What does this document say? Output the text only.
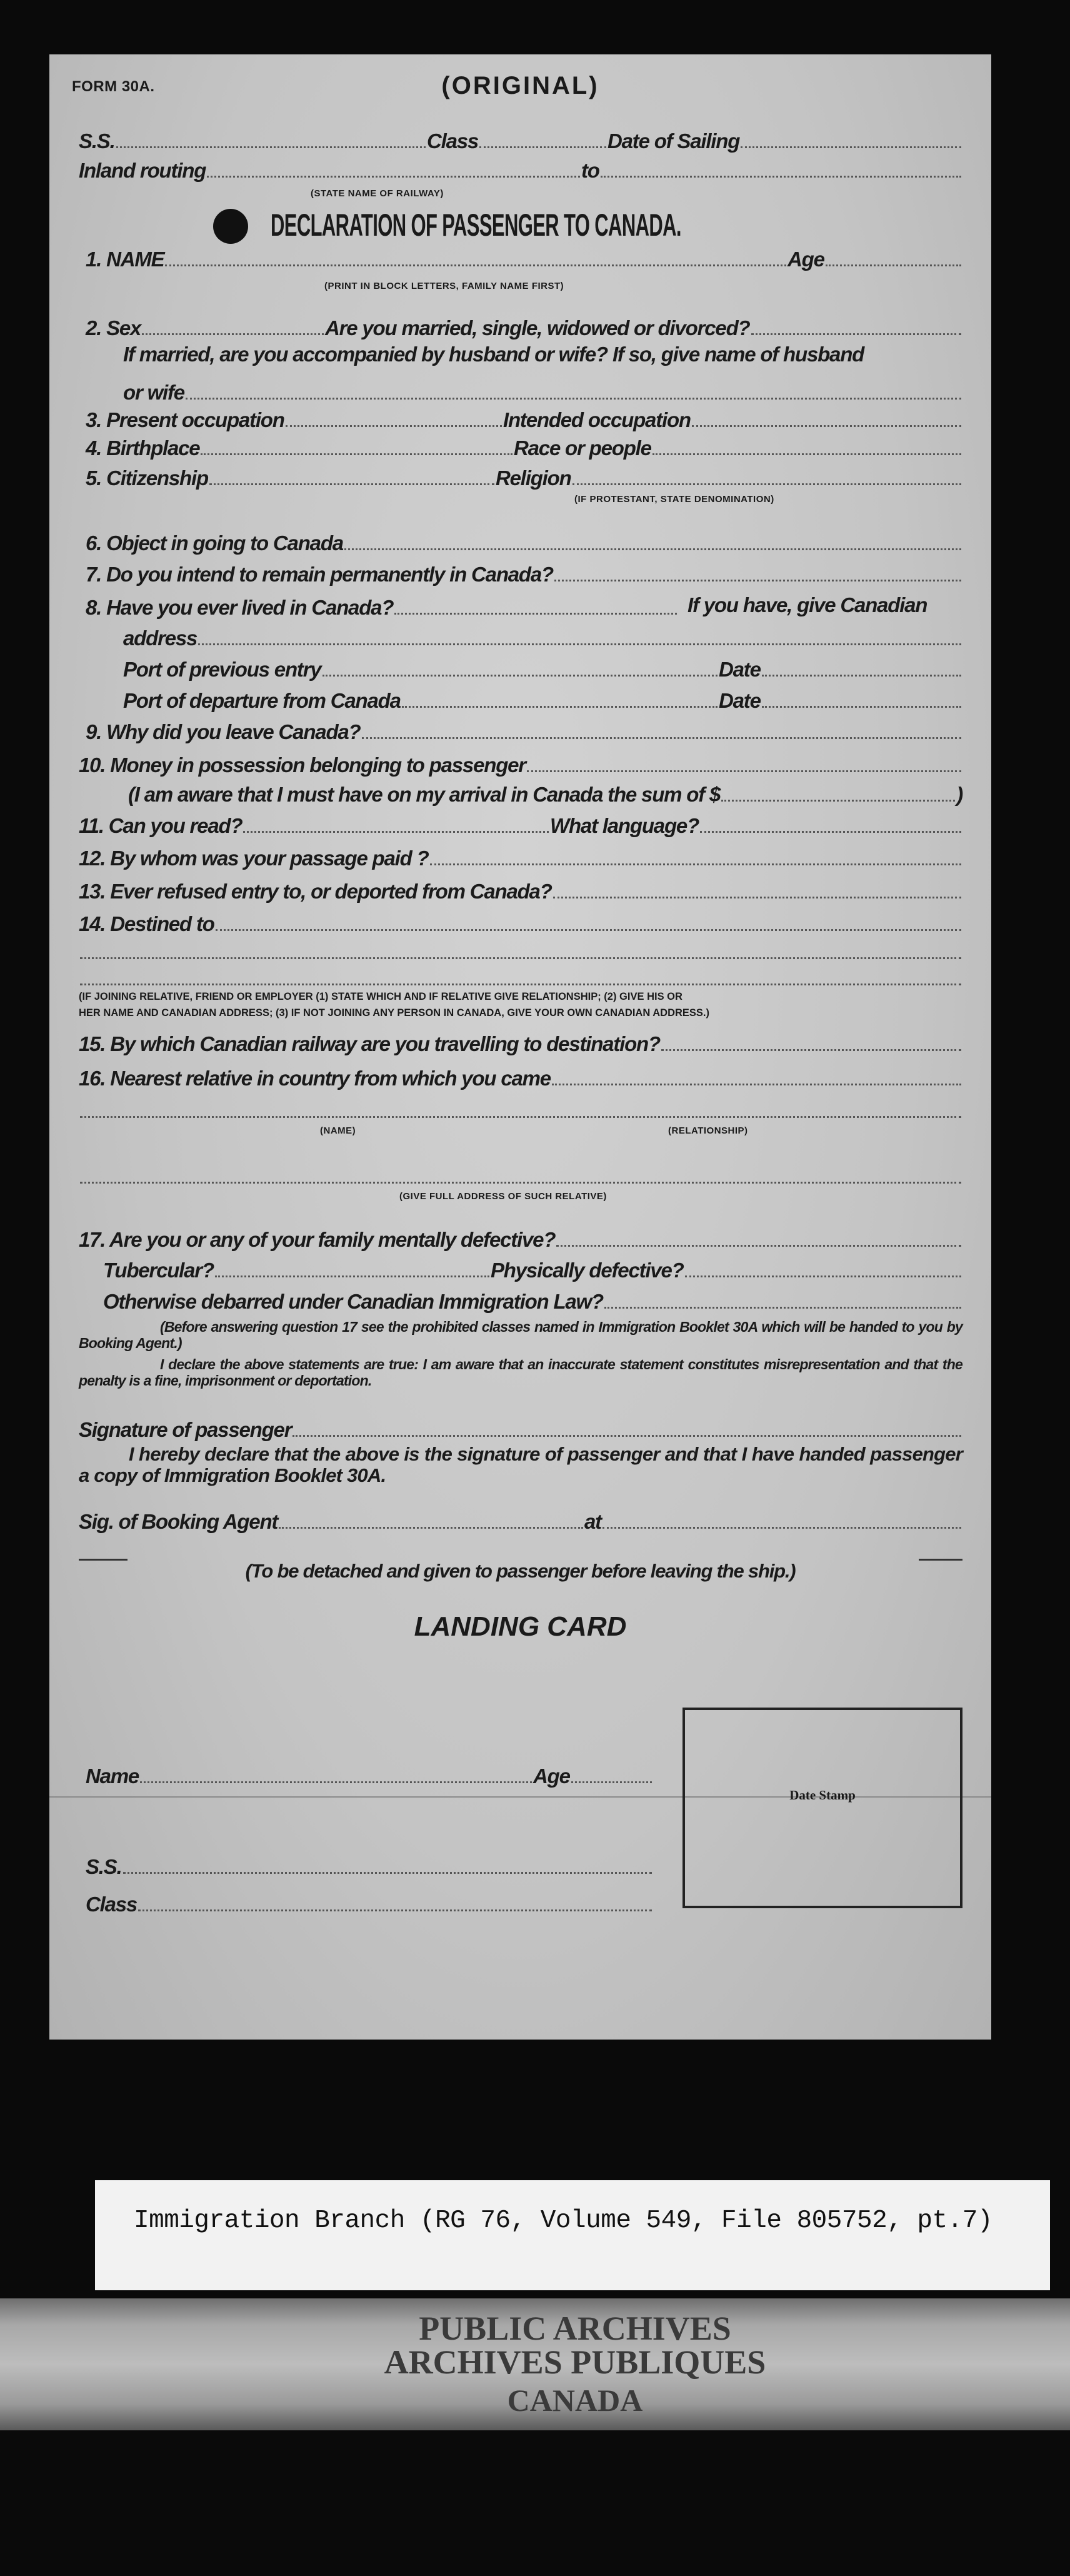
FORM 30A.	(ORIGINAL)
S.S.	Class	Date of Sailing
Inland routing	to
(STATE NAME OF RAILWAY)
DECLARATION OF PASSENGER TO CANADA.
1. NAME	Age
(PRINT IN BLOCK LETTERS, FAMILY NAME FIRST)
2. Sex	Are you married, single, widowed or divorced?
If married, are you accompanied by husband or wife? If so, give name of husband
or wife
3. Present occupation	Intended occupation
4. Birthplace	Race or people
5. Citizenship	Religion
(IF PROTESTANT, STATE DENOMINATION)
6. Object in going to Canada
7. Do you intend to remain permanently in Canada?
8. Have you ever lived in Canada?	If you have, give Canadian
address
Port of previous entry	Date
Port of departure from Canada	Date
9. Why did you leave Canada?
10. Money in possession belonging to passenger
(I am aware that I must have on my arrival in Canada the sum of $	)
11. Can you read?	What language?
12. By whom was your passage paid ?
13. Ever refused entry to, or deported from Canada?
14. Destined to
(IF JOINING RELATIVE, FRIEND OR EMPLOYER (1) STATE WHICH AND IF RELATIVE GIVE RELATIONSHIP; (2) GIVE HIS OR
HER NAME AND CANADIAN ADDRESS; (3) IF NOT JOINING ANY PERSON IN CANADA, GIVE YOUR OWN CANADIAN ADDRESS.)
15. By which Canadian railway are you travelling to destination?
16. Nearest relative in country from which you came
(NAME)	(RELATIONSHIP)
(GIVE FULL ADDRESS OF SUCH RELATIVE)
17. Are you or any of your family mentally defective?
Tubercular?	Physically defective?
Otherwise debarred under Canadian Immigration Law?
(Before answering question 17 see the prohibited classes named in Immigration Booklet 30A which will be handed to you by Booking Agent.)
I declare the above statements are true: I am aware that an inaccurate statement constitutes misrepresentation and that the penalty is a fine, imprisonment or deportation.
Signature of passenger
I hereby declare that the above is the signature of passenger and that I have handed passenger a copy of Immigration Booklet 30A.
Sig. of Booking Agent	at
(To be detached and given to passenger before leaving the ship.)
LANDING CARD
Name	Age
S.S.
Class
Date Stamp
Immigration Branch (RG 76, Volume 549, File 805752, pt.7)
PUBLIC ARCHIVES
ARCHIVES PUBLIQUES
CANADA
